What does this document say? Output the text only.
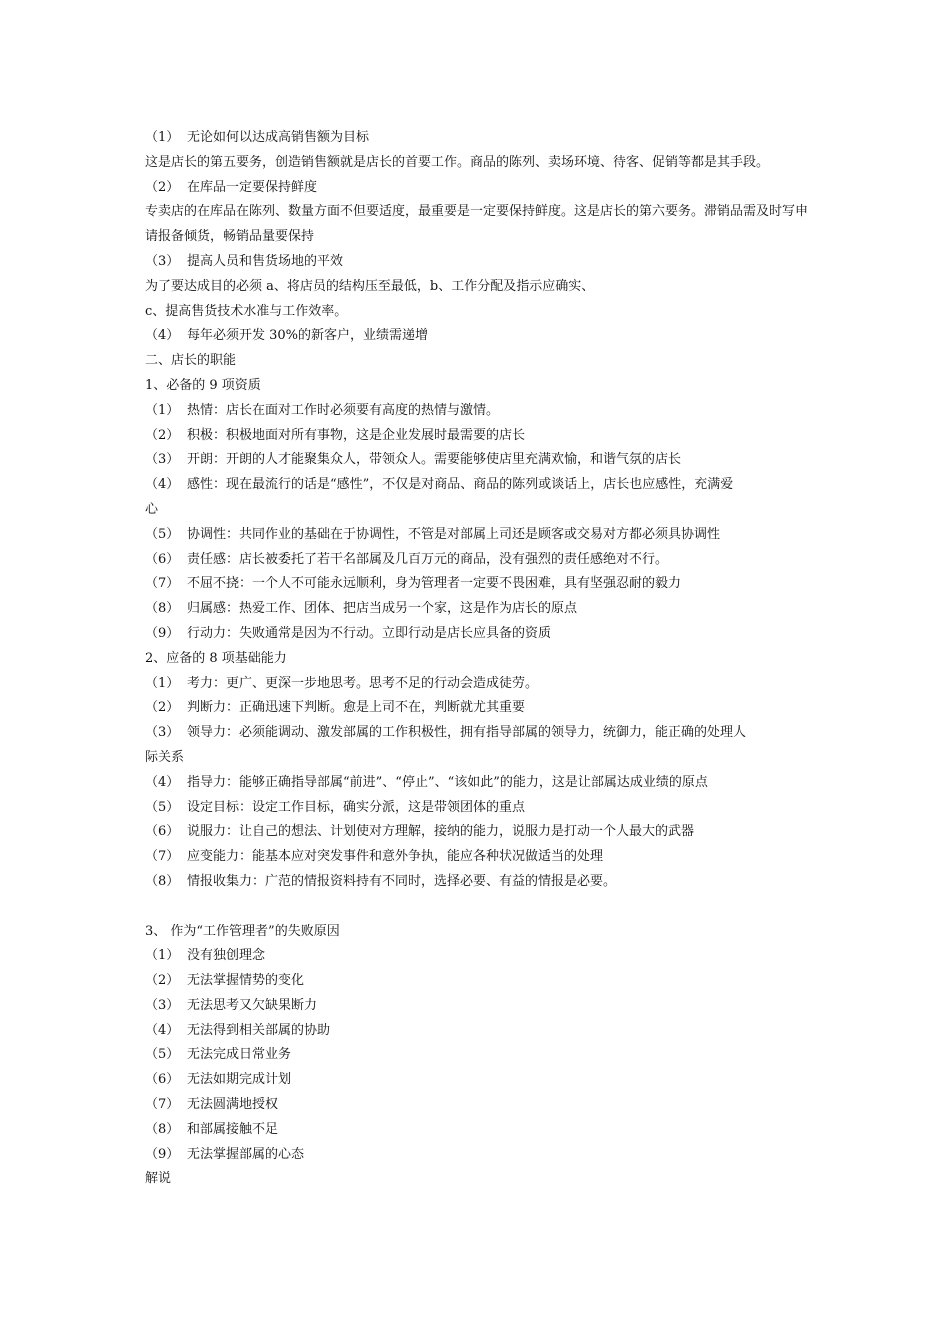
（1） 无论如何以达成高销售额为目标
这是店长的第五要务，创造销售额就是店长的首要工作。商品的陈列、卖场环境、待客、促销等都是其手段。
（2） 在库品一定要保持鲜度
专卖店的在库品在陈列、数量方面不但要适度，最重要是一定要保持鲜度。这是店长的第六要务。滞销品需及时写申请报备倾货，畅销品量要保持
（3） 提高人员和售货场地的平效
为了要达成目的必须 a、将店员的结构压至最低，b、工作分配及指示应确实、
c、提高售货技术水准与工作效率。
（4） 每年必须开发 30%的新客户，业绩需递增
二、店长的职能
1、必备的 9 项资质
（1） 热情：店长在面对工作时必须要有高度的热情与激情。
（2） 积极：积极地面对所有事物，这是企业发展时最需要的店长
（3） 开朗：开朗的人才能聚集众人，带领众人。需要能够使店里充满欢愉，和谐气氛的店长
（4） 感性：现在最流行的话是“感性”，不仅是对商品、商品的陈列或谈话上，店长也应感性，充满爱
心
（5） 协调性：共同作业的基础在于协调性，不管是对部属上司还是顾客或交易对方都必须具协调性
（6） 责任感：店长被委托了若干名部属及几百万元的商品，没有强烈的责任感绝对不行。
（7） 不屈不挠：一个人不可能永远顺利，身为管理者一定要不畏困难，具有坚强忍耐的毅力
（8） 归属感：热爱工作、团体、把店当成另一个家，这是作为店长的原点
（9） 行动力：失败通常是因为不行动。立即行动是店长应具备的资质
2、应备的 8 项基础能力
（1） 考力：更广、更深一步地思考。思考不足的行动会造成徒劳。
（2） 判断力：正确迅速下判断。愈是上司不在，判断就尤其重要
（3） 领导力：必须能调动、激发部属的工作积极性，拥有指导部属的领导力，统御力，能正确的处理人
际关系
（4） 指导力：能够正确指导部属“前进”、“停止”、“该如此”的能力，这是让部属达成业绩的原点
（5） 设定目标：设定工作目标，确实分派，这是带领团体的重点
（6） 说服力：让自己的想法、计划使对方理解，接纳的能力，说服力是打动一个人最大的武器
（7） 应变能力：能基本应对突发事件和意外争执，能应各种状况做适当的处理
（8） 情报收集力：广范的情报资料持有不同时，选择必要、有益的情报是必要。
3、 作为“工作管理者”的失败原因
（1） 没有独创理念
（2） 无法掌握情势的变化
（3） 无法思考又欠缺果断力
（4） 无法得到相关部属的协助
（5） 无法完成日常业务
（6） 无法如期完成计划
（7） 无法圆满地授权
（8） 和部属接触不足
（9） 无法掌握部属的心态
解说
